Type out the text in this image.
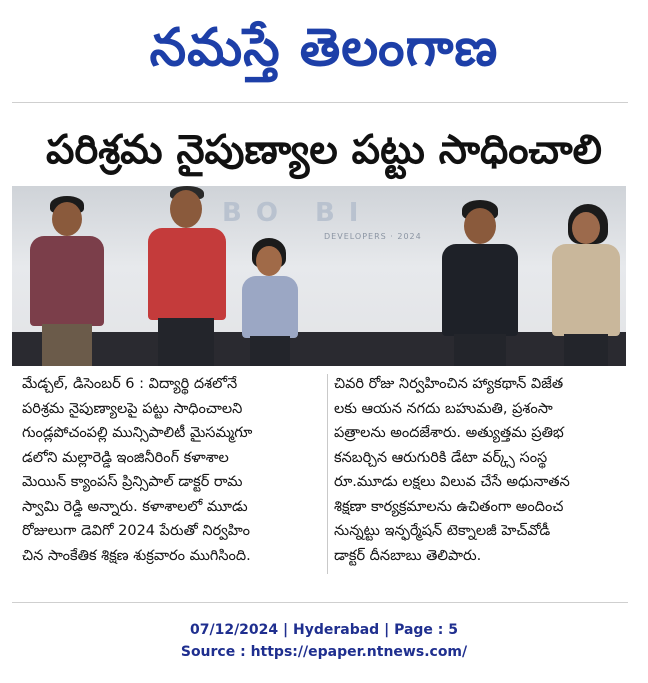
నమస్తే తెలంగాణ
పరిశ్రమ నైపుణ్యాల పట్టు సాధించాలి
BO BI
DEVELOPERS · 2024
మేడ్చల్, డిసెంబర్ 6 : విద్యార్థి దశలోనే
పరిశ్రమ నైపుణ్యాలపై పట్టు సాధించాలని
గుండ్లపోచంపల్లి మున్సిపాలిటీ మైసమ్మగూ
డలోని మల్లారెడ్డి ఇంజినీరింగ్ కళాశాల
మెయిన్ క్యాంపస్ ప్రిన్సిపాల్ డాక్టర్ రామ
స్వామి రెడ్డి అన్నారు. కళాశాలలో మూడు
రోజులుగా డెవిగో 2024 పేరుతో నిర్వహిం
చిన సాంకేతిక శిక్షణ శుక్రవారం ముగిసింది.
చివరి రోజు నిర్వహించిన హ్యాకథాన్ విజేత
లకు ఆయన నగదు బహుమతి, ప్రశంసా
పత్రాలను అందజేశారు. అత్యుత్తమ ప్రతిభ
కనబర్చిన ఆరుగురికి డేటా వర్క్స్ సంస్థ
రూ.మూడు లక్షలు విలువ చేసే అధునాతన
శిక్షణా కార్యక్రమాలను ఉచితంగా అందించ
నున్నట్టు ఇన్ఫర్మేషన్ టెక్నాలజీ హెచ్‌వోడీ
డాక్టర్ దీనబాబు తెలిపారు.
07/12/2024 | Hyderabad | Page : 5
Source : https://epaper.ntnews.com/
